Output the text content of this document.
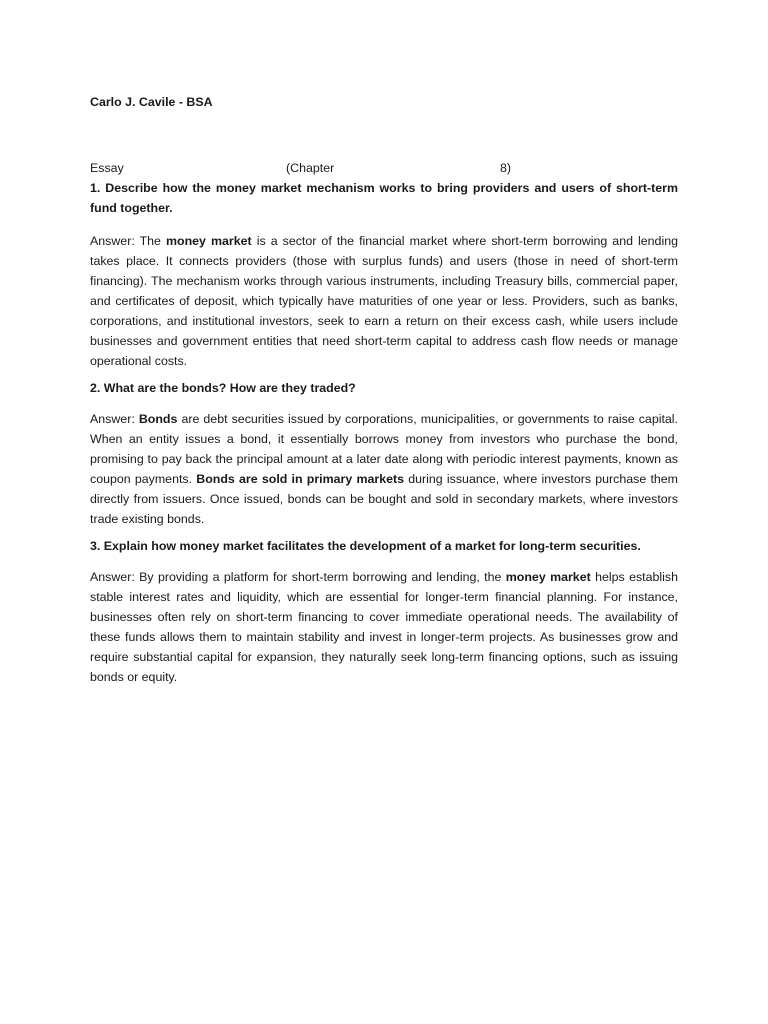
Carlo J. Cavile - BSA

Essay	(Chapter	8)

1. Describe how the money market mechanism works to bring providers and users of short-term fund together.

Answer: The money market is a sector of the financial market where short-term borrowing and lending takes place. It connects providers (those with surplus funds) and users (those in need of short-term financing). The mechanism works through various instruments, including Treasury bills, commercial paper, and certificates of deposit, which typically have maturities of one year or less. Providers, such as banks, corporations, and institutional investors, seek to earn a return on their excess cash, while users include businesses and government entities that need short-term capital to address cash flow needs or manage operational costs.

2. What are the bonds? How are they traded?

Answer: Bonds are debt securities issued by corporations, municipalities, or governments to raise capital. When an entity issues a bond, it essentially borrows money from investors who purchase the bond, promising to pay back the principal amount at a later date along with periodic interest payments, known as coupon payments. Bonds are sold in primary markets during issuance, where investors purchase them directly from issuers. Once issued, bonds can be bought and sold in secondary markets, where investors trade existing bonds.

3. Explain how money market facilitates the development of a market for long-term securities.

Answer: By providing a platform for short-term borrowing and lending, the money market helps establish stable interest rates and liquidity, which are essential for longer-term financial planning. For instance, businesses often rely on short-term financing to cover immediate operational needs. The availability of these funds allows them to maintain stability and invest in longer-term projects. As businesses grow and require substantial capital for expansion, they naturally seek long-term financing options, such as issuing bonds or equity.
